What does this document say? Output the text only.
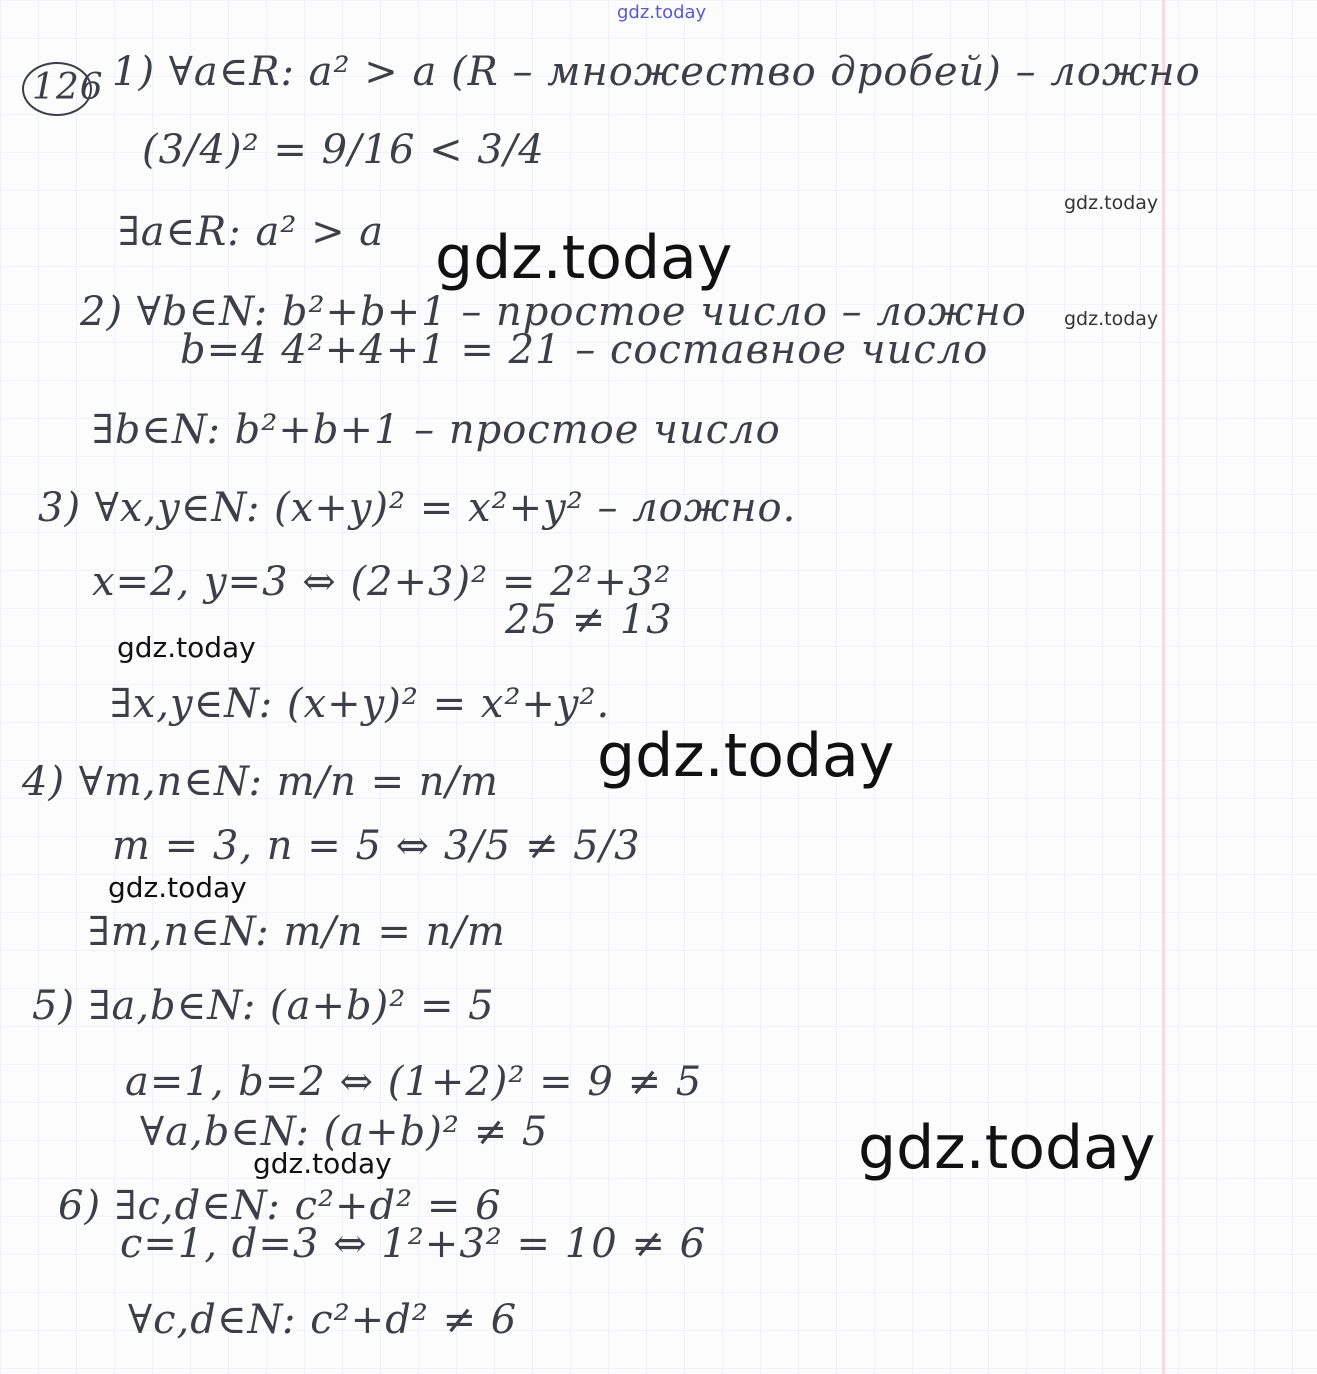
126 1) ∀a∈R: a² > a (R – множество дробей) – ложно
(3/4)² = 9/16 < 3/4
∃a∈R: a² > a
2) ∀b∈N: b²+b+1 – простое число – ложно
b=4 4²+4+1 = 21 – составное число
∃b∈N: b²+b+1 – простое число
3) ∀x,y∈N: (x+y)² = x²+y² – ложно.
x=2, y=3 ⇔ (2+3)² = 2²+3²
25 ≠ 13
∃x,y∈N: (x+y)² = x²+y².
4) ∀m,n∈N: m/n = n/m
m = 3, n = 5 ⇔ 3/5 ≠ 5/3
∃m,n∈N: m/n = n/m
5) ∃a,b∈N: (a+b)² = 5
a=1, b=2 ⇔ (1+2)² = 9 ≠ 5
∀a,b∈N: (a+b)² ≠ 5
6) ∃c,d∈N: c²+d² = 6
c=1, d=3 ⇔ 1²+3² = 10 ≠ 6
∀c,d∈N: c²+d² ≠ 6
gdz.today
gdz.today
gdz.today
gdz.today
gdz.today
gdz.today
gdz.today
gdz.today
gdz.today
